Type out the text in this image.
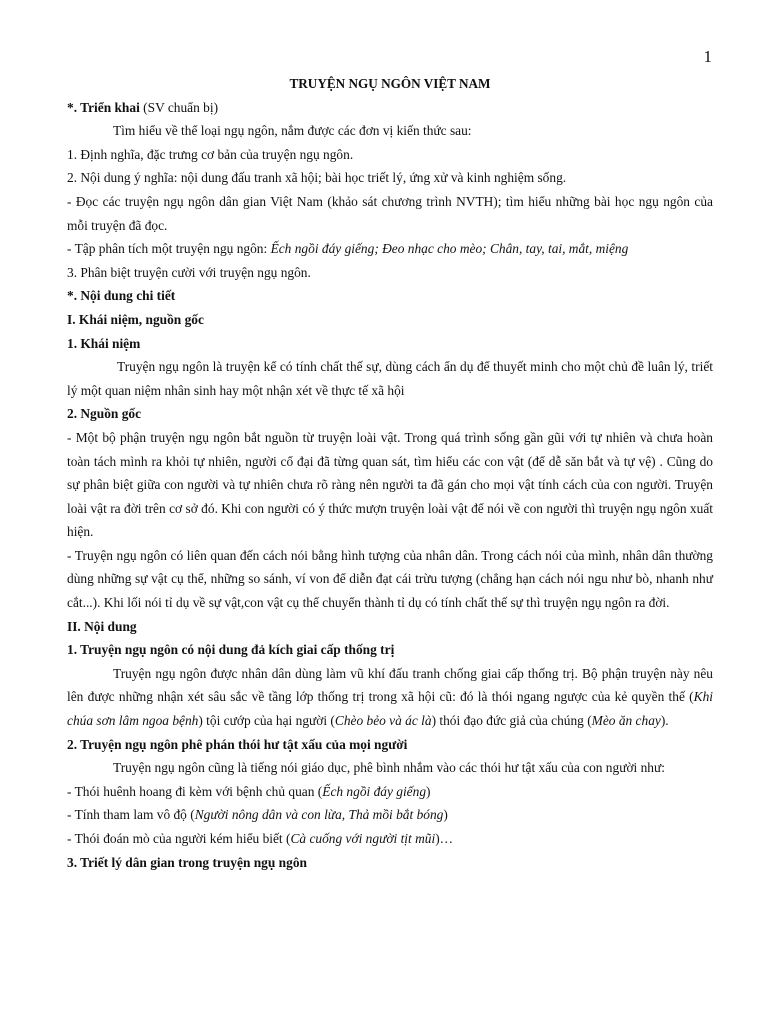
1

TRUYỆN NGỤ NGÔN VIỆT NAM

*. Triển khai (SV chuẩn bị)

Tìm hiểu về thể loại ngụ ngôn, nắm được các đơn vị kiến thức sau:

1. Định nghĩa, đặc trưng cơ bản của truyện ngụ ngôn.

2. Nội dung ý nghĩa: nội dung đấu tranh xã hội; bài học triết lý, ứng xử và kinh nghiệm sống.

- Đọc các truyện ngụ ngôn dân gian Việt Nam (khảo sát chương trình NVTH); tìm hiểu những bài học ngụ ngôn của mỗi truyện đã đọc.

- Tập phân tích một truyện ngụ ngôn: Ếch ngồi đáy giếng; Đeo nhạc cho mèo; Chân, tay, tai, mắt, miệng

3. Phân biệt truyện cười với truyện ngụ ngôn.

*. Nội dung chi tiết

I. Khái niệm, nguồn gốc

1. Khái niệm

Truyện ngụ ngôn là truyện kể có tính chất thế sự, dùng cách ẩn dụ để thuyết minh cho một chủ đề luân lý, triết lý một quan niệm nhân sinh hay một nhận xét về thực tế xã hội

2. Nguồn gốc

- Một bộ phận truyện ngụ ngôn bắt nguồn từ truyện loài vật. Trong quá trình sống gần gũi với tự nhiên và chưa hoàn toàn tách mình ra khỏi tự nhiên, người cổ đại đã từng quan sát, tìm hiểu các con vật (để dễ săn bắt và tự vệ) . Cũng do sự phân biệt giữa con người và tự nhiên chưa rõ ràng nên người ta đã gán cho mọi vật tính cách của con người. Truyện loài vật ra đời trên cơ sở đó. Khi con người có ý thức mượn truyện loài vật để nói về con người thì truyện ngụ ngôn xuất hiện.

- Truyện ngụ ngôn có liên quan đến cách nói bằng hình tượng của nhân dân. Trong cách nói của mình, nhân dân thường dùng những sự vật cụ thể, những so sánh, ví von để diễn đạt cái trừu tượng (chẳng hạn cách nói ngu như bò, nhanh như cắt...). Khi lối nói tỉ dụ về sự vật,con vật cụ thể chuyển thành tỉ dụ có tính chất thế sự thì truyện ngụ ngôn ra đời.

II. Nội dung

1. Truyện ngụ ngôn có nội dung đả kích giai cấp thống trị

Truyện ngụ ngôn được nhân dân dùng làm vũ khí đấu tranh chống giai cấp thống trị. Bộ phận truyện này nêu lên được những nhận xét sâu sắc về tầng lớp thống trị trong xã hội cũ: đó là thói ngang ngược của kẻ quyền thế (Khi chúa sơn lâm ngoa bệnh) tội cướp của hại người (Chèo bẻo và ác là) thói đạo đức giả của chúng (Mèo ăn chay).

2. Truyện ngụ ngôn phê phán thói hư tật xấu của mọi người

Truyện ngụ ngôn cũng là tiếng nói giáo dục, phê bình nhắm vào các thói hư tật xấu của con người như:

- Thói huênh hoang đi kèm với bệnh chủ quan (Ếch ngồi đáy giếng)

- Tính tham lam vô độ (Người nông dân và con lừa, Thả mồi bắt bóng)

- Thói đoán mò của người kém hiểu biết (Cà cuống với người tịt mũi)…

3. Triết lý dân gian trong truyện ngụ ngôn
